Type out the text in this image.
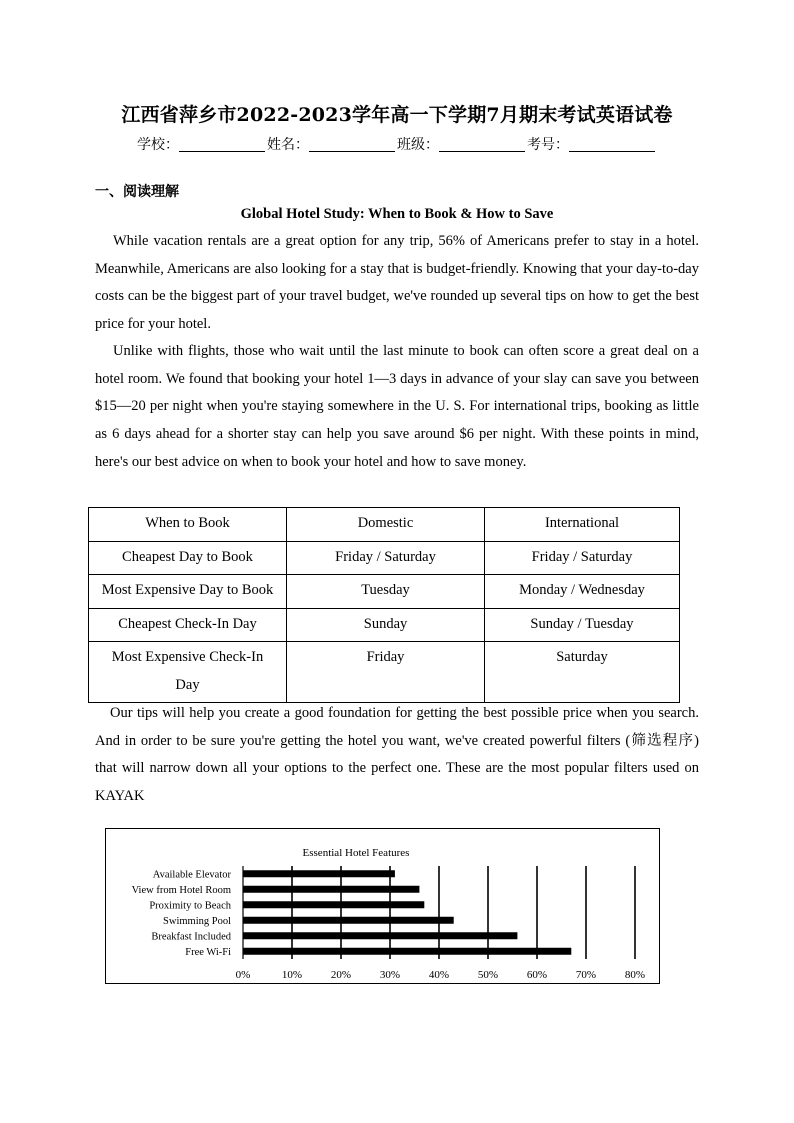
江西省萍乡市2022-2023学年高一下学期7月期末考试英语试卷
学校：	姓名：	班级：	考号：
一、阅读理解
Global Hotel Study: When to Book & How to Save
While vacation rentals are a great option for any trip, 56% of Americans prefer to stay in a hotel. Meanwhile, Americans are also looking for a stay that is budget-friendly. Knowing that your day-to-day costs can be the biggest part of your travel budget, we've rounded up several tips on how to get the best price for your hotel.
Unlike with flights, those who wait until the last minute to book can often score a great deal on a hotel room. We found that booking your hotel 1—3 days in advance of your slay can save you between $15—20 per night when you're staying somewhere in the U. S. For international trips, booking as little as 6 days ahead for a shorter stay can help you save around $6 per night. With these points in mind, here's our best advice on when to book your hotel and how to save money.
When to Book	Domestic	International
Cheapest Day to Book	Friday / Saturday	Friday / Saturday
Most Expensive Day to Book	Tuesday	Monday / Wednesday
Cheapest Check-In Day	Sunday	Sunday / Tuesday
Most Expensive Check-In Day	Friday	Saturday
Our tips will help you create a good foundation for getting the best possible price when you search. And in order to be sure you're getting the hotel you want, we've created powerful filters (筛选程序) that will narrow down all your options to the perfect one. These are the most popular filters used on KAYAK
Essential Hotel Features
Available Elevator
View from Hotel Room
Proximity to Beach
Swimming Pool
Breakfast Included
Free Wi-Fi
0%	10%	20%	30%	40%	50%	60%	70%	80%
